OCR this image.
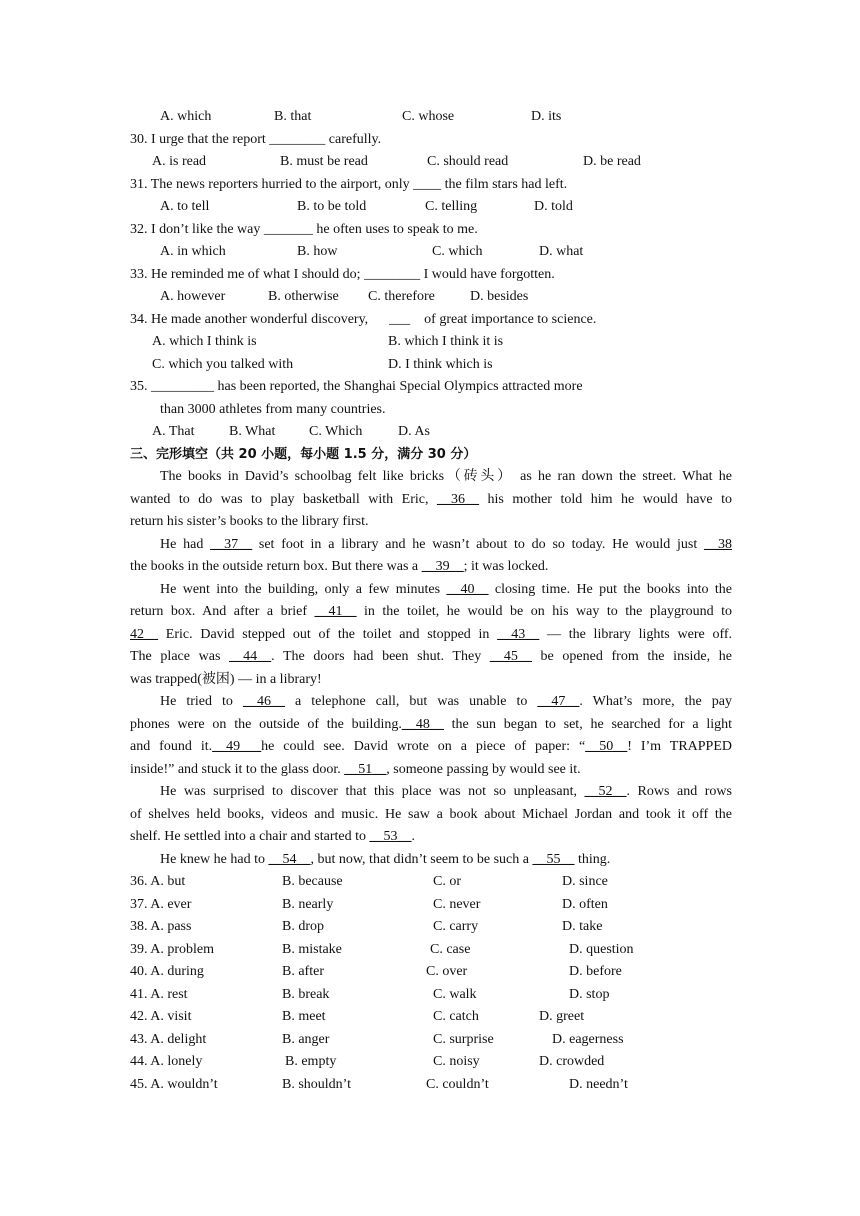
A. which	B. that	C. whose	D. its
30. I urge that the report ________ carefully.
A. is read	B. must be read	C. should read	D. be read
31. The news reporters hurried to the airport, only ____ the film stars had left.
A. to tell	B. to be told	C. telling	D. told
32. I don’t like the way _______ he often uses to speak to me.
A. in which	B. how	C. which	D. what
33. He reminded me of what I should do; ________ I would have forgotten.
A. however	B. otherwise C. therefore	D. besides
34. He made another wonderful discovery,      ___    of great importance to science.
A. which I think is	B. which I think it is
C. which you talked with	D. I think which is
35. _________ has been reported, the Shanghai Special Olympics attracted more
than 3000 athletes from many countries.
A. That B. What C. Which	D. As
三、完形填空（共 20 小题，每小题 1.5 分，满分 30 分）
The books in David’s schoolbag felt like bricks（砖头） as he ran down the street. What he
wanted to do was to play basketball with Eric, __36__ his mother told him he would have to
return his sister’s books to the library first.
He had __37__ set foot in a library and he wasn’t about to do so today. He would just __38
the books in the outside return box. But there was a __39__; it was locked.
He went into the building, only a few minutes __40__ closing time. He put the books into the
return box. And after a brief __41__ in the toilet, he would be on his way to the playground to
42__ Eric. David stepped out of the toilet and stopped in __43__ — the library lights were off.
The place was __44__. The doors had been shut. They __45__ be opened from the inside, he
was trapped(被困) — in a library!
He tried to __46__ a telephone call, but was unable to __47__. What’s more, the pay
phones were on the outside of the building.__48__ the sun began to set, he searched for a light
and found it.__49___he could see. David wrote on a piece of paper: “__50__! I’m TRAPPED
inside!” and stuck it to the glass door. __51__, someone passing by would see it.
He was surprised to discover that this place was not so unpleasant, __52__. Rows and rows
of shelves held books, videos and music. He saw a book about Michael Jordan and took it off the
shelf. He settled into a chair and started to __53__.
He knew he had to __54__, but now, that didn’t seem to be such a __55__ thing.
36. A. but	B. because	C. or	D. since
37. A. ever	B. nearly	C. never	D. often
38. A. pass	B. drop	C. carry	D. take
39. A. problem	B. mistake	C. case	D. question
40. A. during	B. after	C. over	D. before
41. A. rest	B. break	C. walk	D. stop
42. A. visit	B. meet	C. catch	D. greet
43. A. delight	B. anger	C. surprise	D. eagerness
44. A. lonely	B. empty	C. noisy	D. crowded
45. A. wouldn’t	B. shouldn’t	C. couldn’t	D. needn’t
